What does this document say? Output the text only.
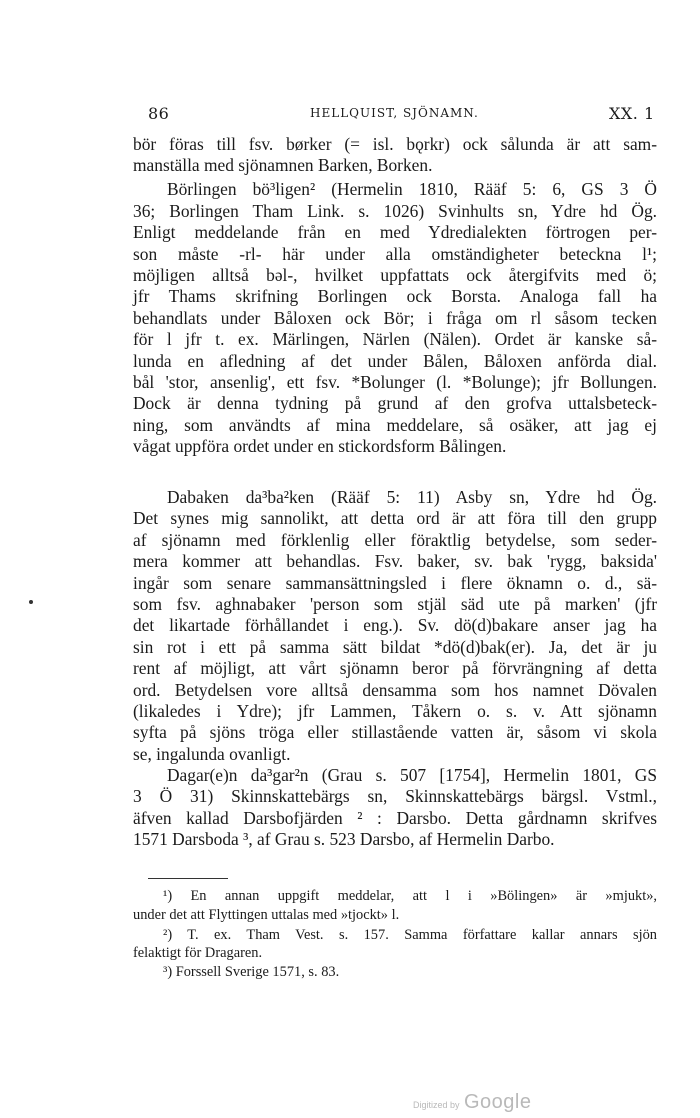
86	HELLQUIST, SJÖNAMN.	XX. 1
bör föras till fsv. børker (= isl. bǫrkr) ock sålunda är att sam-
manställa med sjönamnen Barken, Borken.
Börlingen bö³ligen² (Hermelin 1810, Rääf 5: 6, GS 3 Ö
36; Borlingen Tham Link. s. 1026) Svinhults sn, Ydre hd Ög.
Enligt meddelande från en med Ydredialekten förtrogen per-
son måste -rl- här under alla omständigheter betecknа l¹;
möjligen alltså bəl-, hvilket uppfattats ock återgifvits med ö;
jfr Thams skrifning Borlingen ock Borsta. Analoga fall ha
behandlats under Båloxen ock Bör; i fråga om rl såsom tecken
för l jfr t. ex. Märlingen, Närlen (Nälen). Ordet är kanske så-
lunda en afledning af det under Bålen, Båloxen anförda dial.
bål 'stor, ansenlig', ett fsv. *Bolunger (l. *Bolunge); jfr Bollungen.
Dock är denna tydning på grund af den grofva uttalsbeteck-
ning, som användts af mina meddelare, så osäker, att jag ej
vågat uppföra ordet under en stickordsform Bålingen.
Dabaken da³ba²ken (Rääf 5: 11) Asby sn, Ydre hd Ög.
Det synes mig sannolikt, att detta ord är att föra till den grupp
af sjönamn med förklenlig eller föraktlig betydelse, som seder-
mera kommer att behandlas. Fsv. baker, sv. bak 'rygg, baksida'
ingår som senare sammansättningsled i flere öknamn o. d., sä-
som fsv. aghnabaker 'person som stjäl säd ute på marken' (jfr
det likartade förhållandet i eng.). Sv. dö(d)bakare anser jag ha
sin rot i ett på samma sätt bildat *dö(d)bak(er). Ja, det är ju
rent af möjligt, att vårt sjönamn beror på förvrängning af detta
ord. Betydelsen vore alltså densamma som hos namnet Dövalen
(likaledes i Ydre); jfr Lammen, Tåkern o. s. v. Att sjönamn
syfta på sjöns tröga eller stillastående vatten är, såsom vi skola
se, ingalunda ovanligt.
Dagar(e)n da³gar²n (Grau s. 507 [1754], Hermelin 1801, GS
3 Ö 31) Skinnskattebärgs sn, Skinnskattebärgs bärgsl. Vstml.,
äfven kallad Darsbofjärden ² : Darsbo. Detta gårdnamn skrifves
1571 Darsboda ³, af Grau s. 523 Darsbo, af Hermelin Darbo.
¹) En annan uppgift meddelar, att l i »Bölingen» är »mjukt»,
under det att Flyttingen uttalas med »tjockt» l.
²) T. ex. Tham Vest. s. 157. Samma författare kallar annars sjön
felaktigt för Dragaren.
³) Forssell Sverige 1571, s. 83.
Digitized by Google
